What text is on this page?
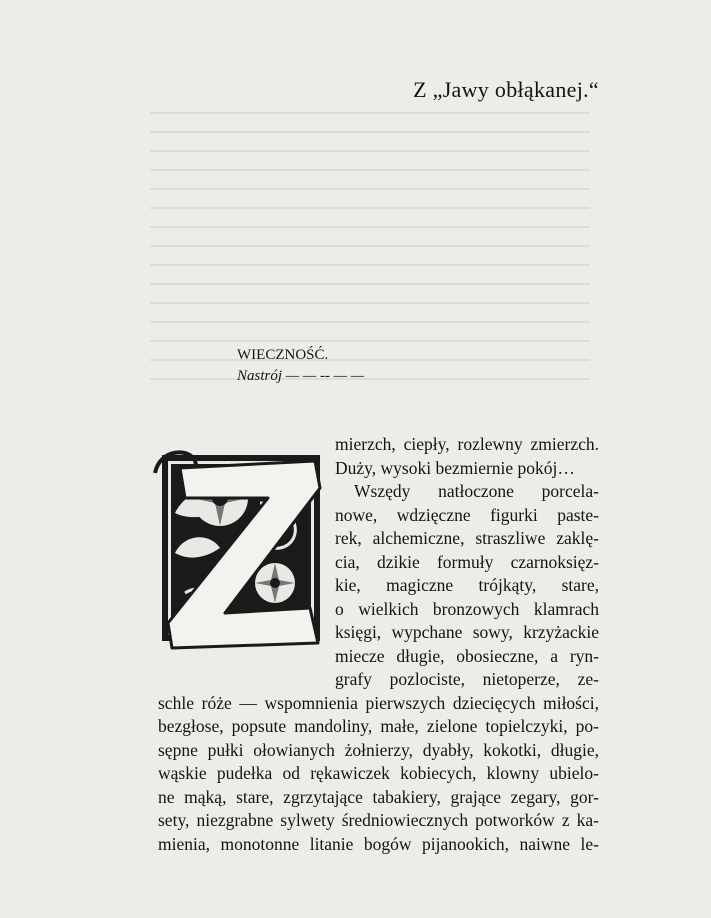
Z „Jawy obłąkanej.“
WIECZNOŚĆ.
Nastrój — — -- — —
Z	mierzch, ciepły, rozlewny zmierzch.
Duży, wysoki bezmiernie pokój…
Wszędy natłoczone porcela-
nowe, wdzięczne figurki paste-
rek, alchemiczne, straszliwe zaklę-
cia, dzikie formuły czarnoksięz-
kie, magiczne trójkąty, stare,
o wielkich bronzowych klamrach
księgi, wypchane sowy, krzyżackie
miecze długie, obosieczne, a ryn-
grafy pozlociste, nietoperze, ze-
schle róże — wspomnienia pierwszych dziecięcych miłości,
bezgłose, popsute mandoliny, małe, zielone topielczyki, po-
sępne pułki ołowianych żołnierzy, dyabły, kokotki, długie,
wąskie pudełka od rękawiczek kobiecych, klowny ubielo-
ne mąką, stare, zgrzytające tabakiery, grające zegary, gor-
sety, niezgrabne sylwety średniowiecznych potworków z ka-
mienia, monotonne litanie bogów pijanookich, naiwne le-
